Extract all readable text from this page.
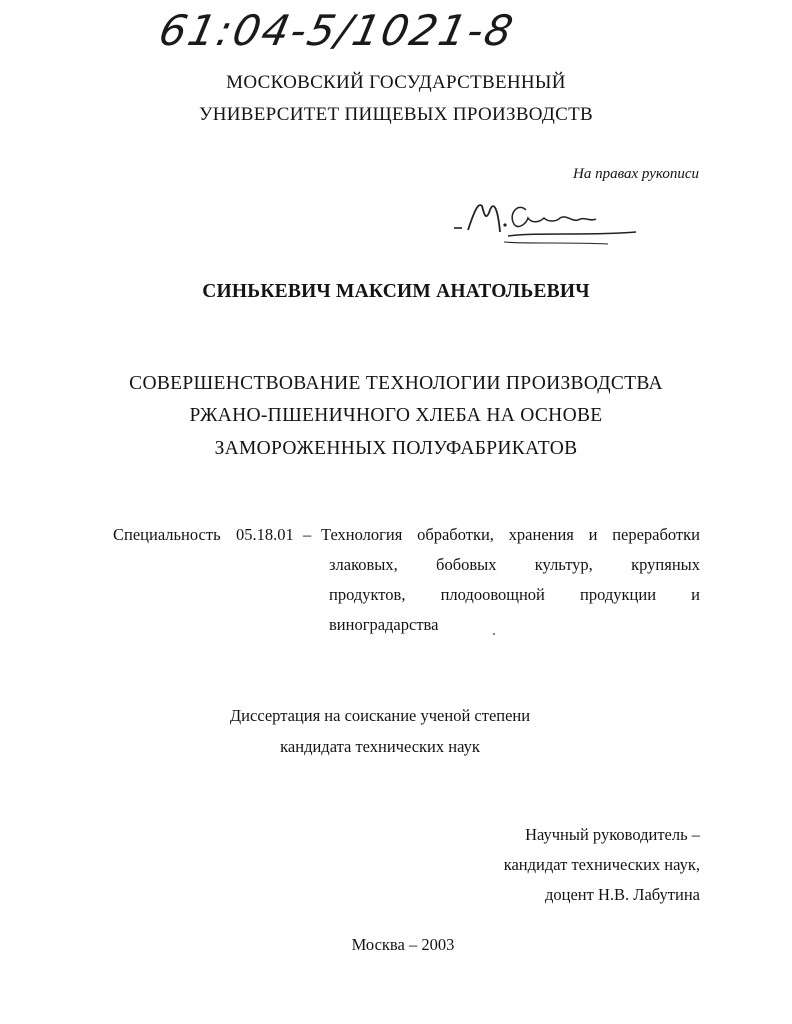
61:04-5/1021-8
МОСКОВСКИЙ ГОСУДАРСТВЕННЫЙ
УНИВЕРСИТЕТ ПИЩЕВЫХ ПРОИЗВОДСТВ
На правах рукописи
СИНЬКЕВИЧ МАКСИМ АНАТОЛЬЕВИЧ
СОВЕРШЕНСТВОВАНИЕ ТЕХНОЛОГИИ ПРОИЗВОДСТВА
РЖАНО-ПШЕНИЧНОГО ХЛЕБА НА ОСНОВЕ
ЗАМОРОЖЕННЫХ ПОЛУФАБРИКАТОВ
Специальность 05.18.01 – Технология обработки, хранения и переработки
злаковых, бобовых культур, крупяных
продуктов, плодоовощной продукции и
виноградарства
Диссертация на соискание ученой степени
кандидата технических наук
Научный руководитель –
кандидат технических наук,
доцент Н.В. Лабутина
Москва – 2003
